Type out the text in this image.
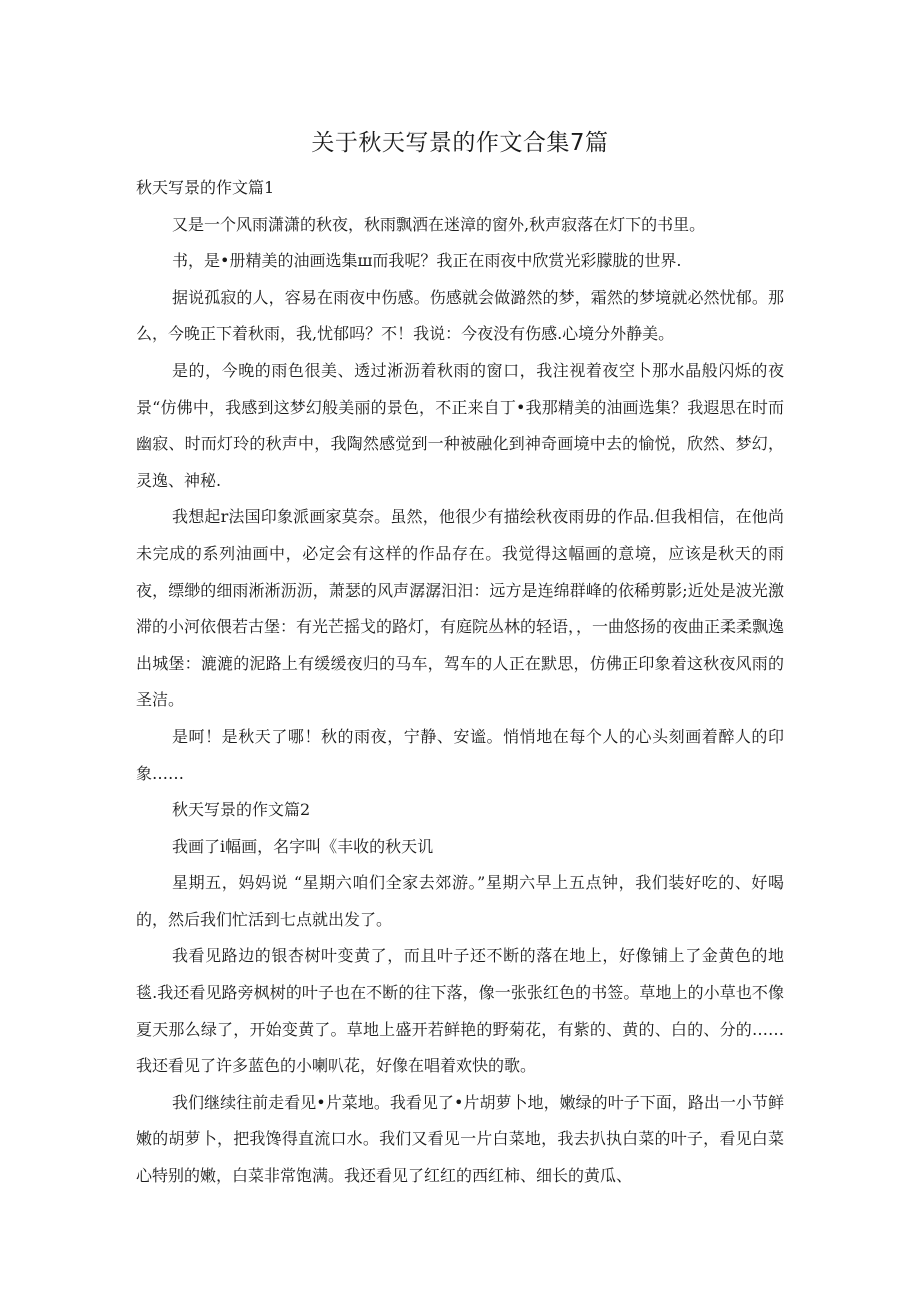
关于秋天写景的作文合集7篇
秋天写景的作文篇1

又是一个风雨潇潇的秋夜，秋雨飘洒在迷漳的窗外,秋声寂落在灯下的书里。

书，是•册精美的油画选集ш而我呢？我正在雨夜中欣赏光彩朦胧的世界.

据说孤寂的人，容易在雨夜中伤感。伤感就会做潞然的梦，霜然的梦境就必然忧郁。那么，今晚正下着秋雨，我,忧郁吗？不！我说：今夜没有伤感.心境分外静美。

是的，今晚的雨色很美、透过淅沥着秋雨的窗口，我注视着夜空卜那水晶般闪烁的夜景“仿佛中，我感到这梦幻般美丽的景色，不正来自丁•我那精美的油画选集？我遐思在时而幽寂、时而灯玲的秋声中，我陶然感觉到一种被融化到神奇画境中去的愉悦，欣然、梦幻，灵逸、神秘.

我想起r法国印象派画家莫奈。虽然，他很少有描绘秋夜雨毋的作品.但我相信，在他尚未完成的系列油画中，必定会有这样的作品存在。我觉得这幅画的意境，应该是秋天的雨夜，缥缈的细雨淅淅沥沥，萧瑟的风声潺潺汨汨：远方是连绵群峰的依稀剪影;近处是波光激滞的小河依偎若古堡：有光芒摇戈的路灯，有庭院丛林的轻语，，一曲悠扬的夜曲正柔柔飘逸出城堡：漉漉的泥路上有缓缓夜归的马车，驾车的人正在默思，仿佛正印象着这秋夜风雨的圣洁。

是呵！是秋天了哪！秋的雨夜，宁静、安谧。悄悄地在每个人的心头刻画着醉人的印象……

秋天写景的作文篇2

我画了i幅画，名字叫《丰收的秋天讥

星期五，妈妈说 “星期六咱们全家去郊游。”星期六早上五点钟，我们装好吃的、好喝的，然后我们忙活到七点就出发了。

我看见路边的银杏树叶变黄了，而且叶子还不断的落在地上，好像铺上了金黄色的地毯.我还看见路旁枫树的叶子也在不断的往下落，像一张张红色的书签。草地上的小草也不像夏天那么绿了，开始变黄了。草地上盛开若鲜艳的野菊花，有紫的、黄的、白的、分的……我还看见了许多蓝色的小喇叭花，好像在唱着欢快的歌。

我们继续往前走看见•片菜地。我看见了•片胡萝卜地，嫩绿的叶子下面，路出一小节鲜嫩的胡萝卜，把我馋得直流口水。我们又看见一片白菜地，我去扒执白菜的叶子，看见白菜心特别的嫩，白菜非常饱满。我还看见了红红的西红柿、细长的黄瓜、
